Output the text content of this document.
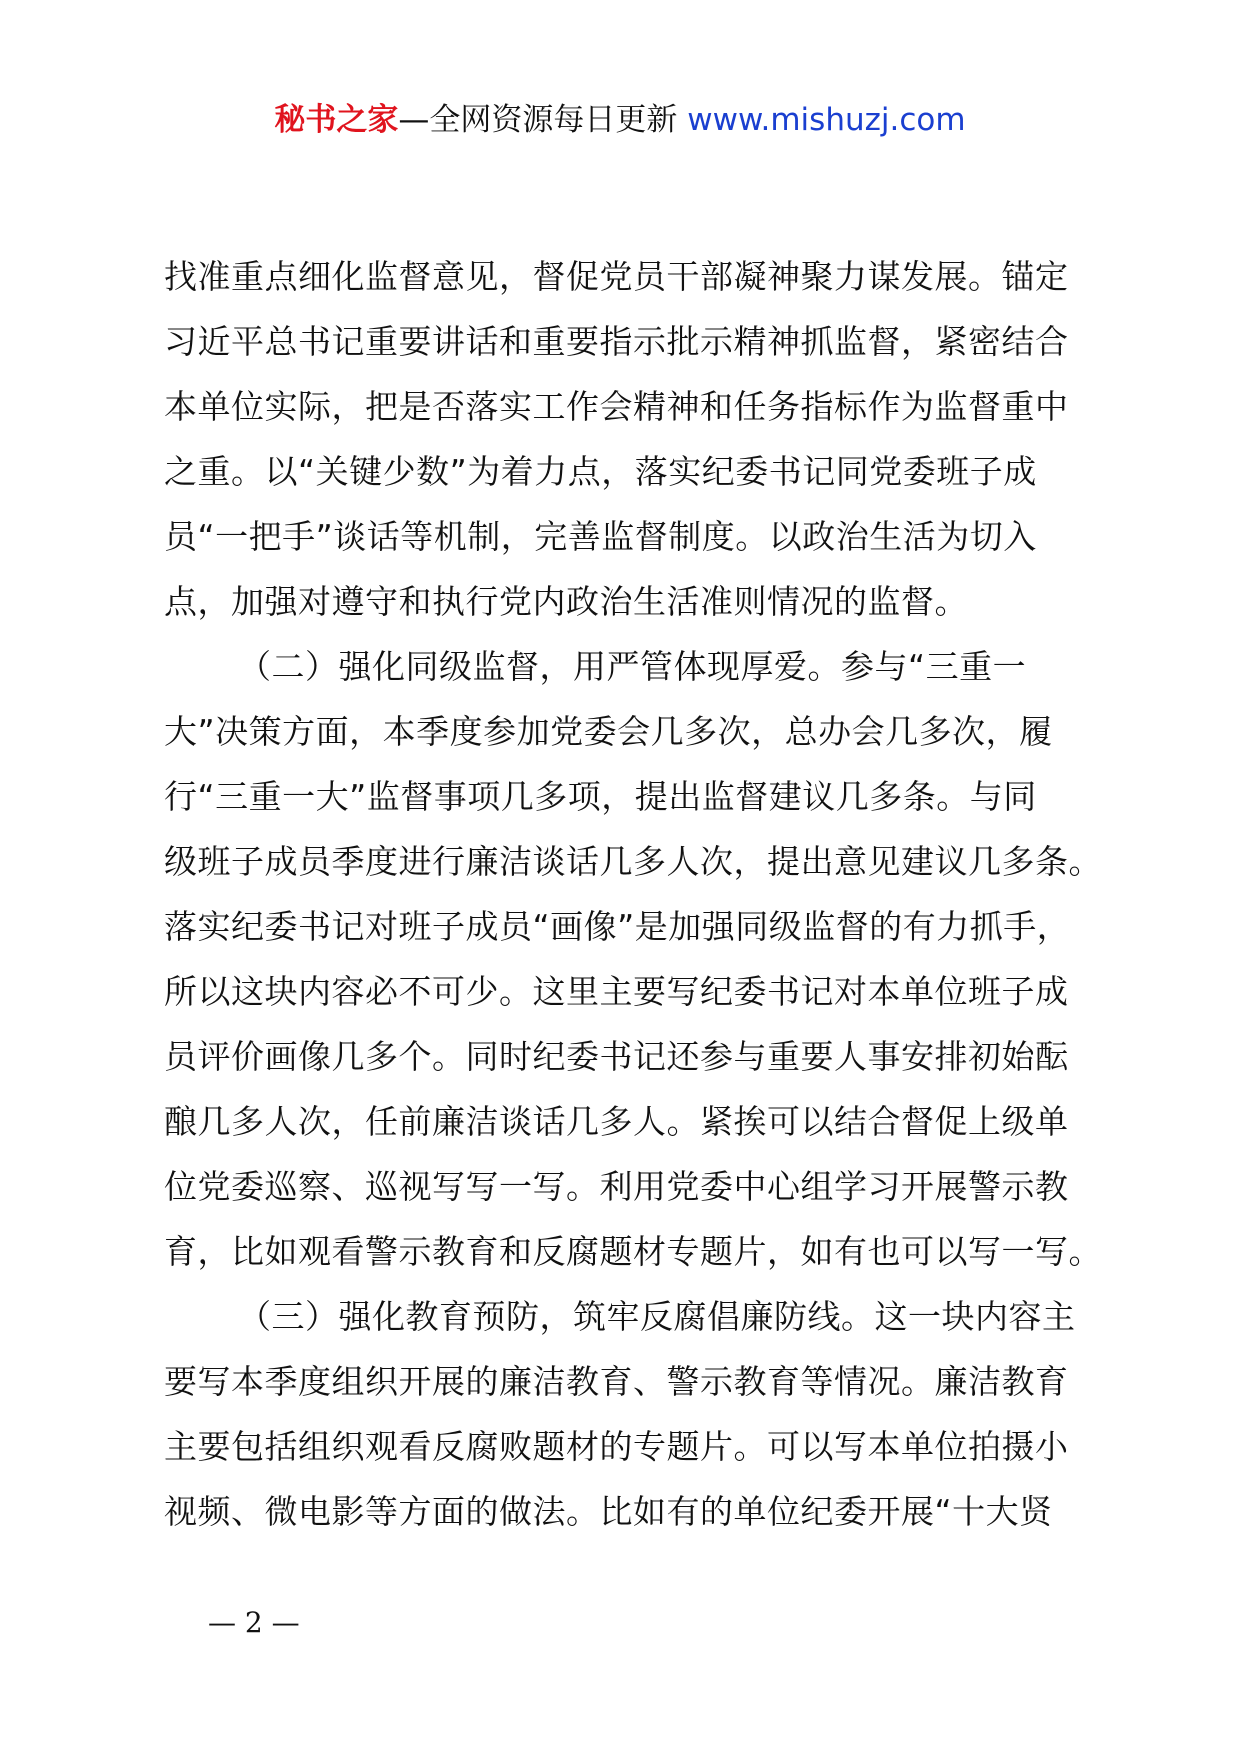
秘书之家—全网资源每日更新 www.mishuzj.com
找准重点细化监督意见，督促党员干部凝神聚力谋发展。锚定
习近平总书记重要讲话和重要指示批示精神抓监督，紧密结合
本单位实际，把是否落实工作会精神和任务指标作为监督重中
之重。以“关键少数”为着力点，落实纪委书记同党委班子成
员“一把手”谈话等机制，完善监督制度。以政治生活为切入
点，加强对遵守和执行党内政治生活准则情况的监督。
（二）强化同级监督，用严管体现厚爱。参与“三重一
大”决策方面，本季度参加党委会几多次，总办会几多次，履
行“三重一大”监督事项几多项，提出监督建议几多条。与同
级班子成员季度进行廉洁谈话几多人次，提出意见建议几多条。
落实纪委书记对班子成员“画像”是加强同级监督的有力抓手，
所以这块内容必不可少。这里主要写纪委书记对本单位班子成
员评价画像几多个。同时纪委书记还参与重要人事安排初始酝
酿几多人次，任前廉洁谈话几多人。紧挨可以结合督促上级单
位党委巡察、巡视写写一写。利用党委中心组学习开展警示教
育，比如观看警示教育和反腐题材专题片，如有也可以写一写。
（三）强化教育预防，筑牢反腐倡廉防线。这一块内容主
要写本季度组织开展的廉洁教育、警示教育等情况。廉洁教育
主要包括组织观看反腐败题材的专题片。可以写本单位拍摄小
视频、微电影等方面的做法。比如有的单位纪委开展“十大贤
— 2 —
